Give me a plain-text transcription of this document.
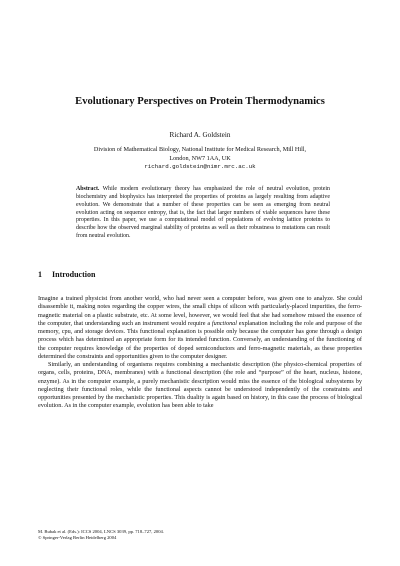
Evolutionary Perspectives on Protein Thermodynamics
Richard A. Goldstein
Division of Mathematical Biology, National Institute for Medical Research, Mill Hill,
London, NW7 1AA, UK
richard.goldstein@nimr.mrc.ac.uk
Abstract. While modern evolutionary theory has emphasized the role of neutral evolution, protein biochemistry and biophysics has interpreted the properties of proteins as largely resulting from adaptive evolution. We demonstrate that a number of these properties can be seen as emerging from neutral evolution acting on sequence entropy, that is, the fact that larger numbers of viable sequences have these properties. In this paper, we use a computational model of populations of evolving lattice proteins to describe how the observed marginal stability of proteins as well as their robustness to mutations can result from neutral evolution.
1 Introduction

Imagine a trained physicist from another world, who had never seen a computer before, was given one to analyze. She could disassemble it, making notes regarding the copper wires, the small chips of silicon with particularly-placed impurities, the ferro-magnetic material on a plastic substrate, etc. At some level, however, we would feel that she had somehow missed the essence of the computer, that understanding such an instrument would require a functional explanation including the role and purpose of the memory, cpu, and storage devices. This functional explanation is possible only because the computer has gone through a design process which has determined an appropriate form for its intended function. Conversely, an understanding of the functioning of the computer requires knowledge of the properties of doped semiconductors and ferro-magnetic materials, as these properties determined the constraints and opportunities given to the computer designer.

Similarly, an understanding of organisms requires combining a mechanistic description (the physico-chemical properties of organs, cells, proteins, DNA, membranes) with a functional description (the role and “purpose” of the heart, nucleus, histone, enzyme). As in the computer example, a purely mechanistic description would miss the essence of the biological subsystems by neglecting their functional roles, while the functional aspects cannot be understood independently of the constraints and opportunities presented by the mechanistic properties. This duality is again based on history, in this case the process of biological evolution. As in the computer example, evolution has been able to take

M. Bubak et al. (Eds.): ICCS 2004, LNCS 3039, pp. 718–727, 2004.
© Springer-Verlag Berlin Heidelberg 2004
